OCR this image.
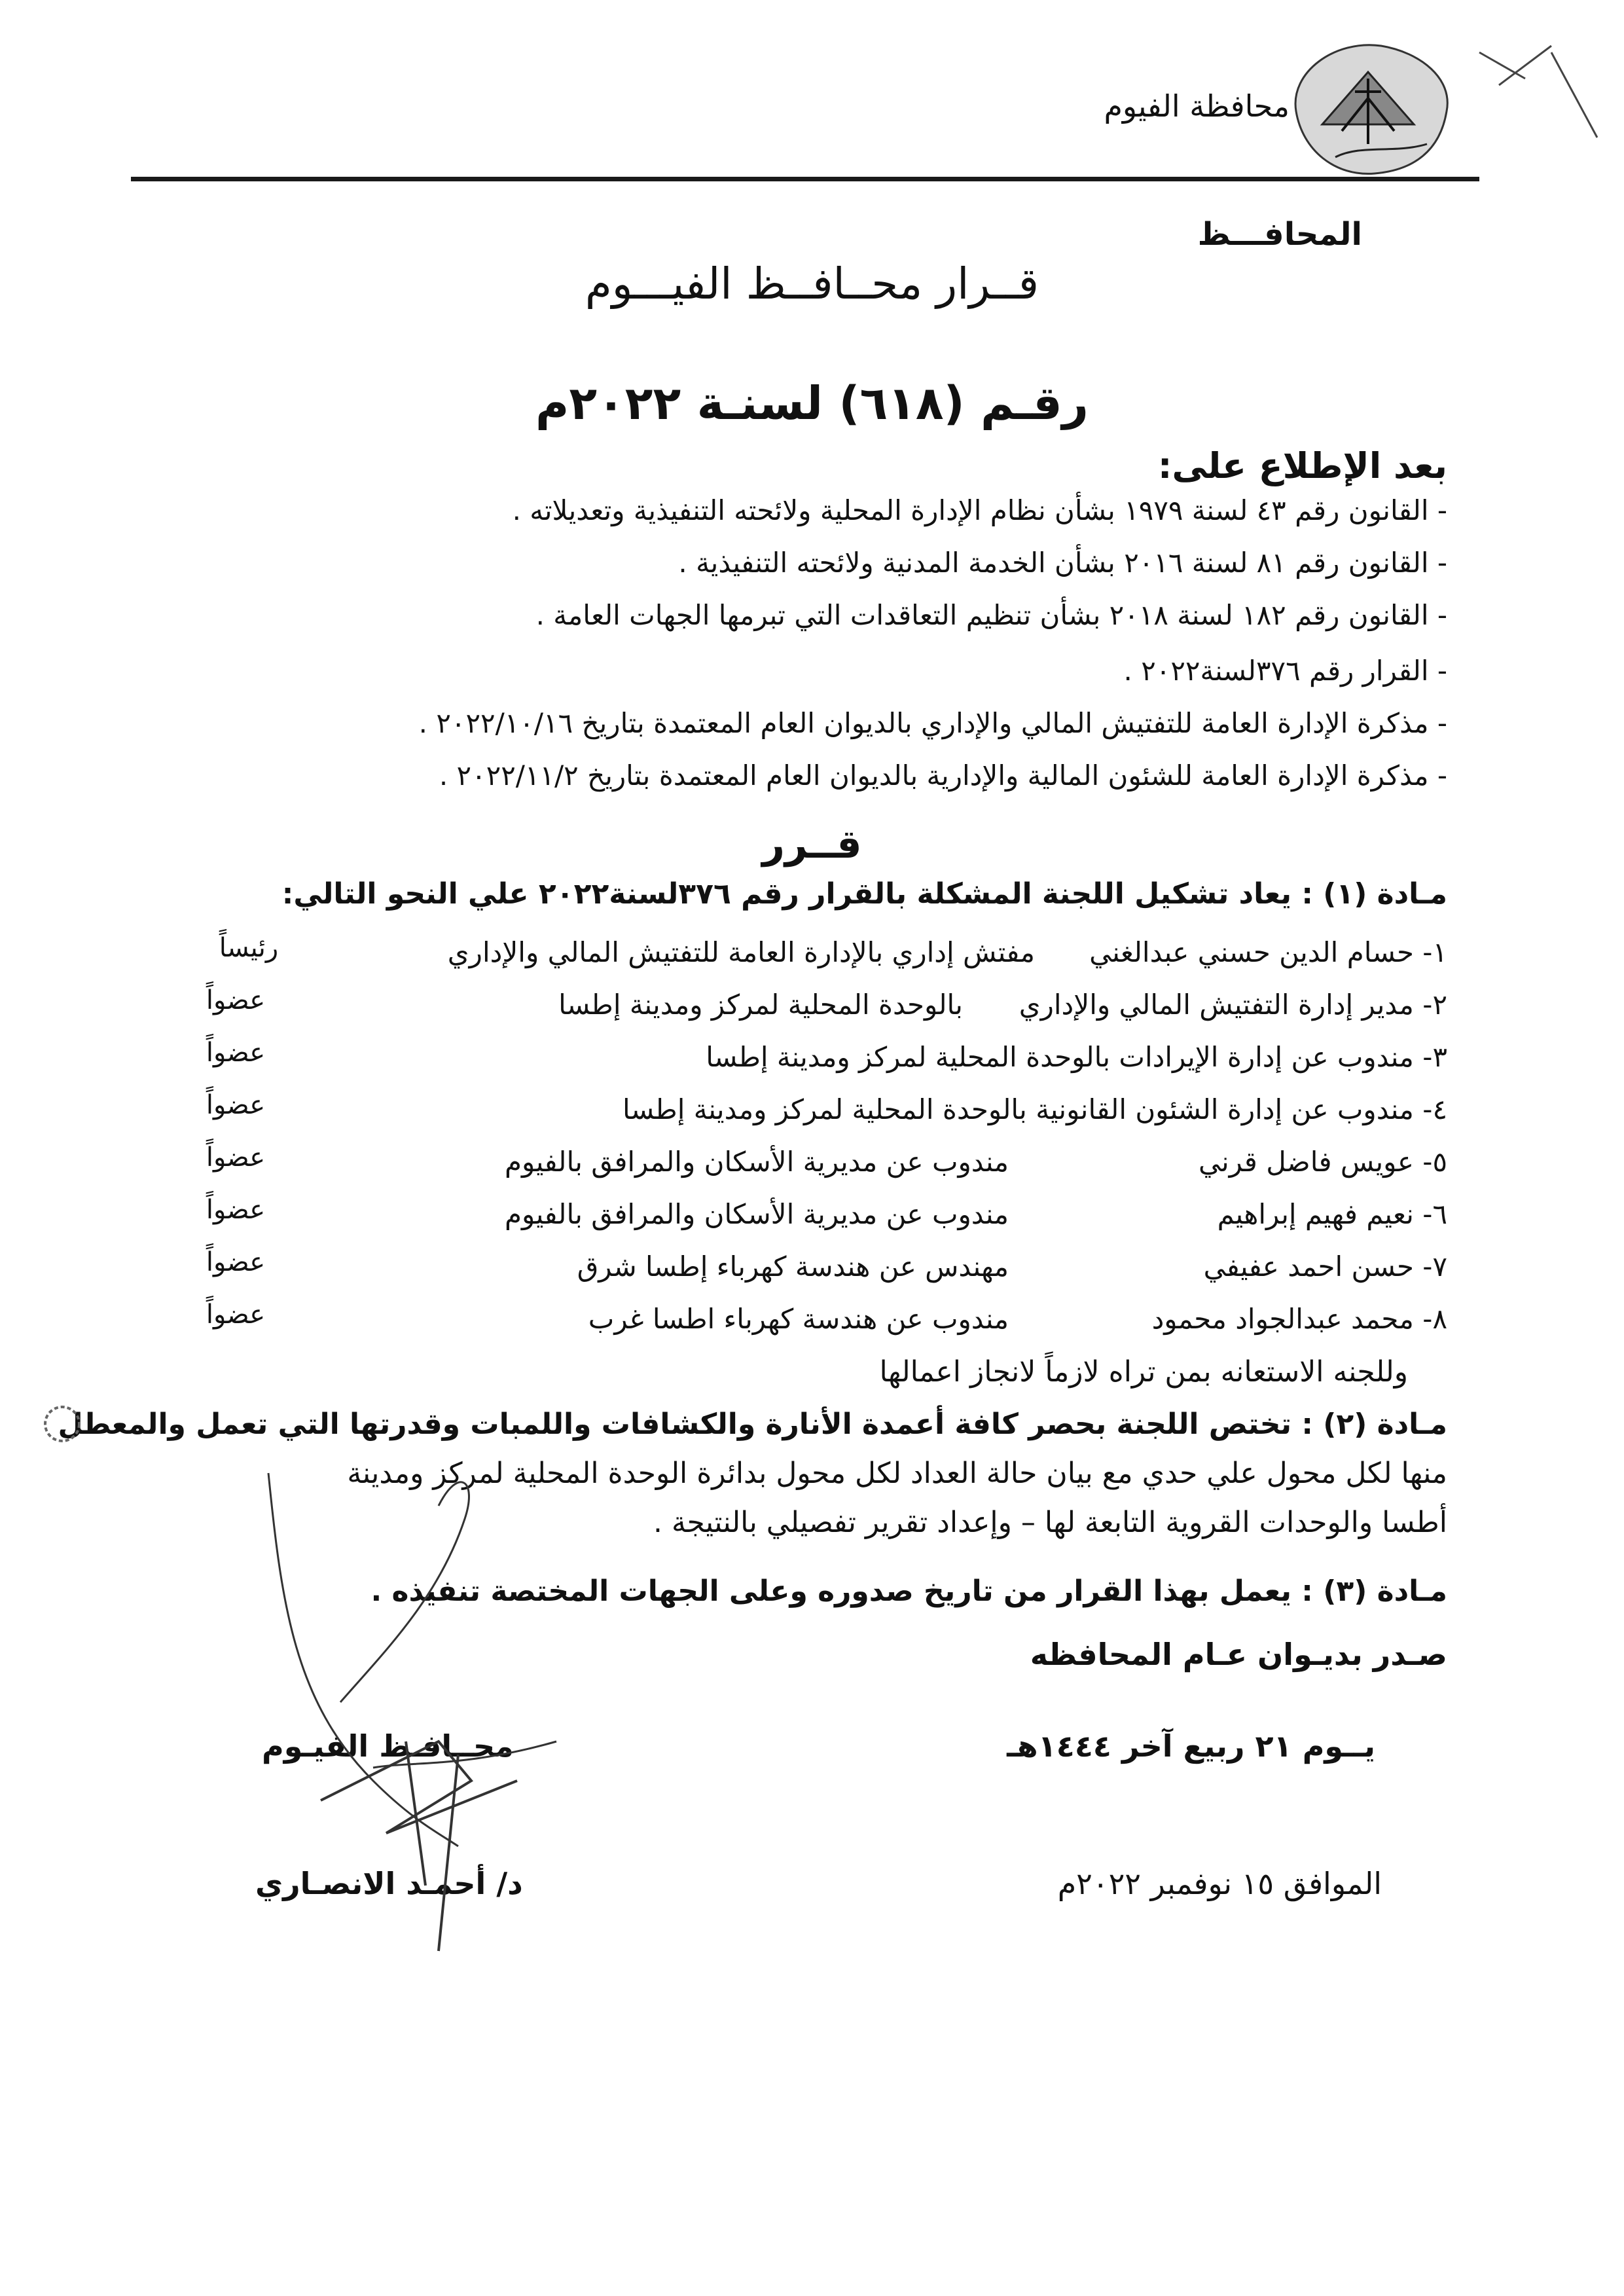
محافظة الفيوم
المحافـــظ
قــرار محــافــظ الفيـــوم
رقـم (٦١٨) لسنـة ٢٠٢٢م
بعد الإطلاع على:
- القانون رقم ٤٣ لسنة ١٩٧٩ بشأن نظام الإدارة المحلية ولائحته التنفيذية وتعديلاته .
- القانون رقم ٨١ لسنة ٢٠١٦ بشأن الخدمة المدنية ولائحته التنفيذية .
- القانون رقم ١٨٢ لسنة ٢٠١٨ بشأن تنظيم التعاقدات التي تبرمها الجهات العامة .
- القرار رقم ٣٧٦لسنة٢٠٢٢ .
- مذكرة الإدارة العامة للتفتيش المالي والإداري بالديوان العام المعتمدة بتاريخ ٢٠٢٢/١٠/١٦ .
- مذكرة الإدارة العامة للشئون المالية والإدارية بالديوان العام المعتمدة بتاريخ ٢٠٢٢/١١/٢ .
قــرر
مـادة (١) : يعاد تشكيل اللجنة المشكلة بالقرار رقم ٣٧٦لسنة٢٠٢٢ علي النحو التالي:
١- حسام الدين حسني عبدالغني
مفتش إداري بالإدارة العامة للتفتيش المالي والإداري
رئيساً
٢- مدير إدارة التفتيش المالي والإداري
بالوحدة المحلية لمركز ومدينة إطسا
عضواً
٣- مندوب عن إدارة الإيرادات بالوحدة المحلية لمركز ومدينة إطسا
عضواً
٤- مندوب عن إدارة الشئون القانونية بالوحدة المحلية لمركز ومدينة إطسا
عضواً
٥- عويس فاضل قرني
مندوب عن مديرية الأسكان والمرافق بالفيوم
عضواً
٦- نعيم فهيم إبراهيم
مندوب عن مديرية الأسكان والمرافق بالفيوم
عضواً
٧- حسن احمد عفيفي
مهندس عن هندسة كهرباء إطسا شرق
عضواً
٨- محمد عبدالجواد محمود
مندوب عن هندسة كهرباء اطسا غرب
عضواً
وللجنه الاستعانه بمن تراه لازماً لانجاز اعمالها
مـادة (٢) : تختص اللجنة بحصر كافة أعمدة الأنارة والكشافات واللمبات وقدرتها التي تعمل والمعطل
منها لكل محول علي حدي مع بيان حالة العداد لكل محول بدائرة الوحدة المحلية لمركز ومدينة
أطسا والوحدات القروية التابعة لها – وإعداد تقرير تفصيلي بالنتيجة .
مـادة (٣) : يعمل بهذا القرار من تاريخ صدوره وعلى الجهات المختصة تنفيذه .
صـدر بديـوان عـام المحافظه
يــوم ٢١ ربيع آخر ١٤٤٤هـ
محــافـظ الفيـوم
الموافق ١٥ نوفمبر ٢٠٢٢م
د/ أحمـد الانصـاري
